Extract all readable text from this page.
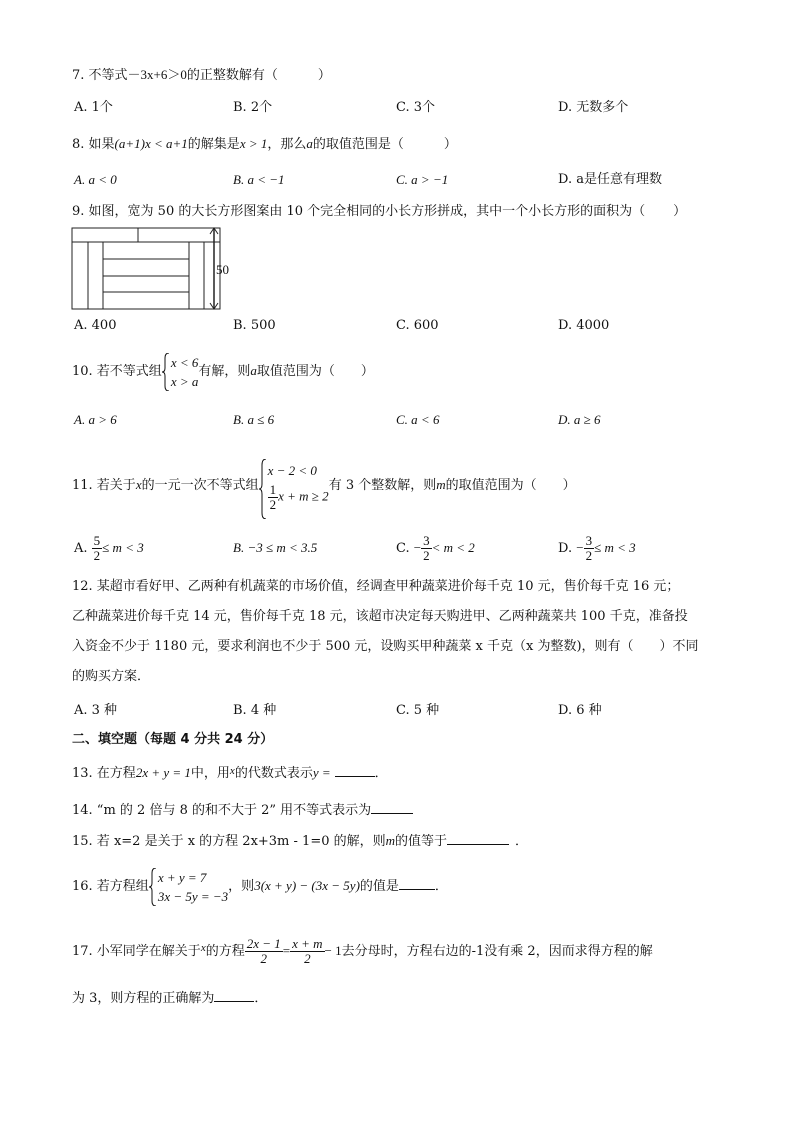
7. 不等式－3x+6＞0的正整数解有（	）
A. 1个	B. 2个	C. 3个	D. 无数多个
8. 如果(a+1)x < a+1的解集是x > 1，那么a的取值范围是（	）
A. a < 0	B. a < −1	C. a > −1	D. a是任意有理数
9. 如图，宽为 50 的大长方形图案由 10 个完全相同的小长方形拼成，其中一个小长方形的面积为（ ）
50
A. 400	B. 500	C. 600	D. 4000
10. 若不等式组
x < 6
x > a
有解，则a取值范围为（ ）
A. a > 6	B. a ≤ 6	C. a < 6	D. a ≥ 6
11. 若关于x的一元一次不等式组
x − 2 < 0
$\frac{1}{2}$ x + m ≥ 2
有 3 个整数解，则m的取值范围为（ ）
A. $\frac{5}{2} \le m < 3$	B. −3 ≤ m < 3.5	C. − $\frac{3}{2} < m < 2$	D. − $\frac{3}{2} \le m < 3$
12. 某超市看好甲、乙两种有机蔬菜的市场价值，经调查甲种蔬菜进价每千克 10 元，售价每千克 16 元；
乙种蔬菜进价每千克 14 元，售价每千克 18 元，该超市决定每天购进甲、乙两种蔬菜共 100 千克，准备投
入资金不少于 1180 元，要求利润也不少于 500 元，设购买甲种蔬菜 x 千克（x 为整数)，则有（　　）不同
的购买方案．
A. 3 种	B. 4 种	C. 5 种	D. 6 种
二、填空题（每题 4 分共 24 分）
13. 在方程2x + y = 1中，用$^x$的代数式表示y =	．
14. “m 的 2 倍与 8 的和不大于 2” 用不等式表示为
15. 若 x=2 是关于 x 的方程 2x+3m - 1=0 的解，则m的值等于	．
16. 若方程组
x + y = 7
3x − 5y = −3
，则3(x + y) − (3x − 5y)的值是	．
17. 小军同学在解关于$^x$的方程 $\frac{2x - 1}{2} = \frac{x + m}{2} - 1$去分母时，方程右边的-1没有乘 2，因而求得方程的解
为 3，则方程的正确解为	．
